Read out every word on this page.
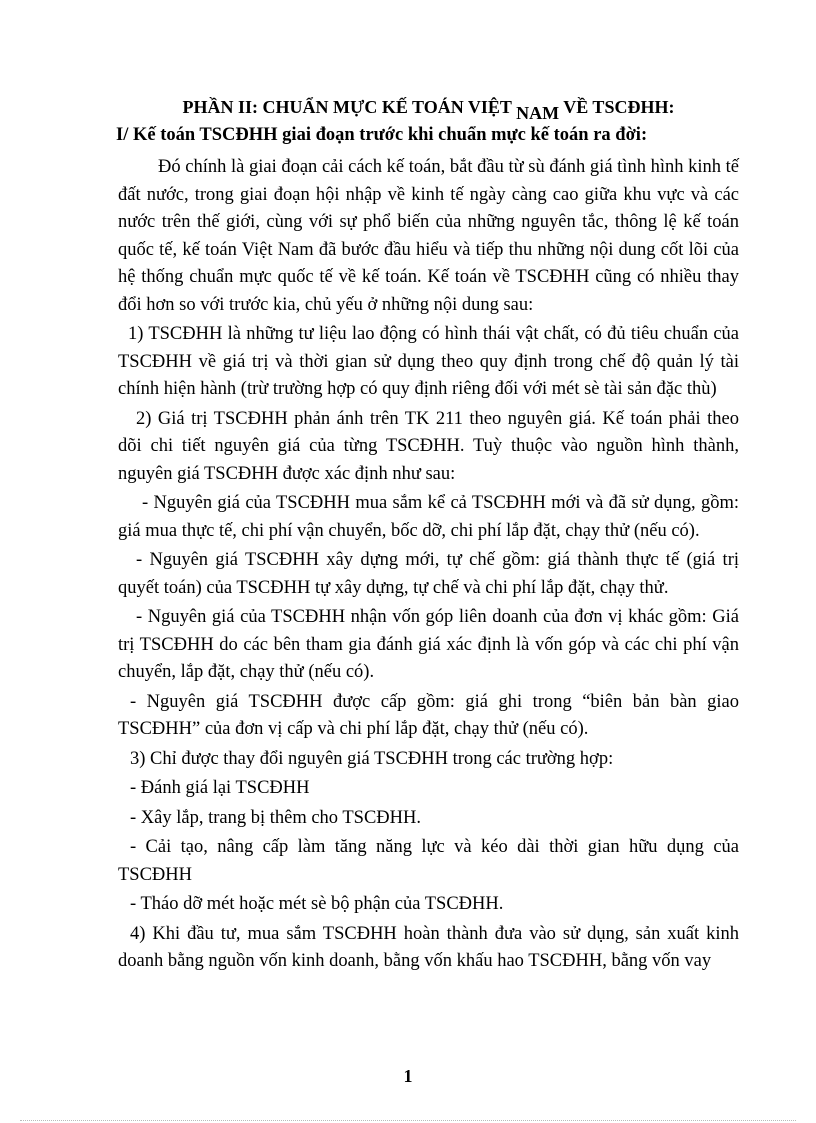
PHẦN II: CHUẨN MỰC KẾ TOÁN VIỆT NAM VỀ TSCĐHH:
I/ Kế toán TSCĐHH giai đoạn trước khi chuẩn mực kế toán ra đời:

Đó chính là giai đoạn cải cách kế toán, bắt đầu từ sù đánh giá tình hình kinh tế đất nước, trong giai đoạn hội nhập về kinh tế ngày càng cao giữa khu vực và các nước trên thế giới, cùng với sự phổ biến của những nguyên tắc, thông lệ kế toán quốc tế, kế toán Việt Nam đã bước đầu hiểu và tiếp thu những nội dung cốt lõi của hệ thống chuẩn mực quốc tế về kế toán. Kế toán về TSCĐHH cũng có nhiều thay đổi hơn so với trước kia, chủ yếu ở những nội dung sau:

1) TSCĐHH là những tư liệu lao động có hình thái vật chất, có đủ tiêu chuẩn của TSCĐHH về giá trị và thời gian sử dụng theo quy định trong chế độ quản lý tài chính hiện hành (trừ trường hợp có quy định riêng đối với mét sè tài sản đặc thù)

2) Giá trị TSCĐHH phản ánh trên TK 211 theo nguyên giá. Kế toán phải theo dõi chi tiết nguyên giá của từng TSCĐHH. Tuỳ thuộc vào nguồn hình thành, nguyên giá TSCĐHH được xác định như sau:

- Nguyên giá của TSCĐHH mua sắm kể cả TSCĐHH mới và đã sử dụng, gồm: giá mua thực tế, chi phí vận chuyển, bốc dỡ, chi phí lắp đặt, chạy thử (nếu có).

- Nguyên giá TSCĐHH xây dựng mới, tự chế gồm: giá thành thực tế (giá trị quyết toán) của TSCĐHH tự xây dựng, tự chế và chi phí lắp đặt, chạy thử.

- Nguyên giá của TSCĐHH nhận vốn góp liên doanh của đơn vị khác gồm: Giá trị TSCĐHH do các bên tham gia đánh giá xác định là vốn góp và các chi phí vận chuyển, lắp đặt, chạy thử (nếu có).

- Nguyên giá TSCĐHH được cấp gồm: giá ghi trong “biên bản bàn giao TSCĐHH” của đơn vị cấp và chi phí lắp đặt, chạy thử (nếu có).

3) Chỉ được thay đổi nguyên giá TSCĐHH trong các trường hợp:

- Đánh giá lại TSCĐHH

- Xây lắp, trang bị thêm cho TSCĐHH.

- Cải tạo, nâng cấp làm tăng năng lực và kéo dài thời gian hữu dụng của TSCĐHH

- Tháo dỡ mét hoặc mét sè bộ phận của TSCĐHH.

4) Khi đầu tư, mua sắm TSCĐHH hoàn thành đưa vào sử dụng, sản xuất kinh doanh bằng nguồn vốn kinh doanh, bằng vốn khấu hao TSCĐHH, bằng vốn vay

1
